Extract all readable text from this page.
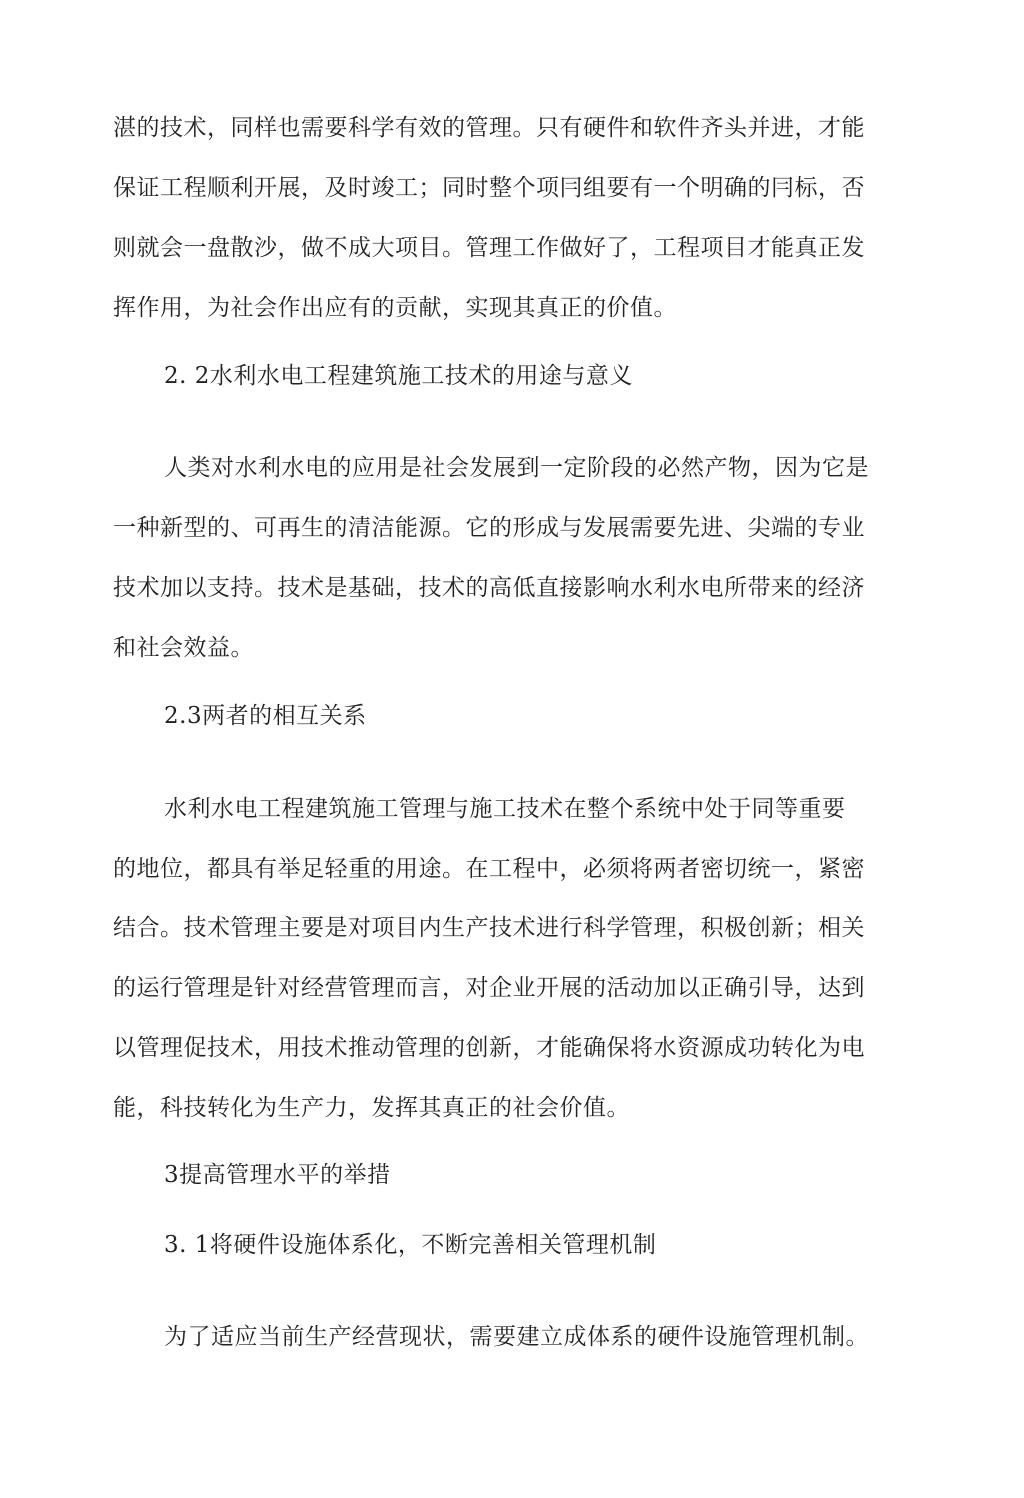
湛的技术，同样也需要科学有效的管理。只有硬件和软件齐头并进，才能
保证工程顺利开展，及时竣工；同时整个项冃组要有一个明确的冃标，否
则就会一盘散沙，做不成大项目。管理工作做好了，工程项目才能真正发
挥作用，为社会作出应有的贡献，实现其真正的价值。
2. 2水利水电工程建筑施工技术的用途与意义
人类对水利水电的应用是社会发展到一定阶段的必然产物，因为它是
一种新型的、可再生的清洁能源。它的形成与发展需要先进、尖端的专业
技术加以支持。技术是基础，技术的高低直接影响水利水电所带来的经济
和社会效益。
2.3两者的相互关系
水利水电工程建筑施工管理与施工技术在整个系统中处于同等重要
的地位，都具有举足轻重的用途。在工程中，必须将两者密切统一，紧密
结合。技术管理主要是对项目内生产技术进行科学管理，积极创新；相关
的运行管理是针对经营管理而言，对企业开展的活动加以正确引导，达到
以管理促技术，用技术推动管理的创新，才能确保将水资源成功转化为电
能，科技转化为生产力，发挥其真正的社会价值。
3提高管理水平的举措
3. 1将硬件设施体系化，不断完善相关管理机制
为了适应当前生产经营现状，需要建立成体系的硬件设施管理机制。
